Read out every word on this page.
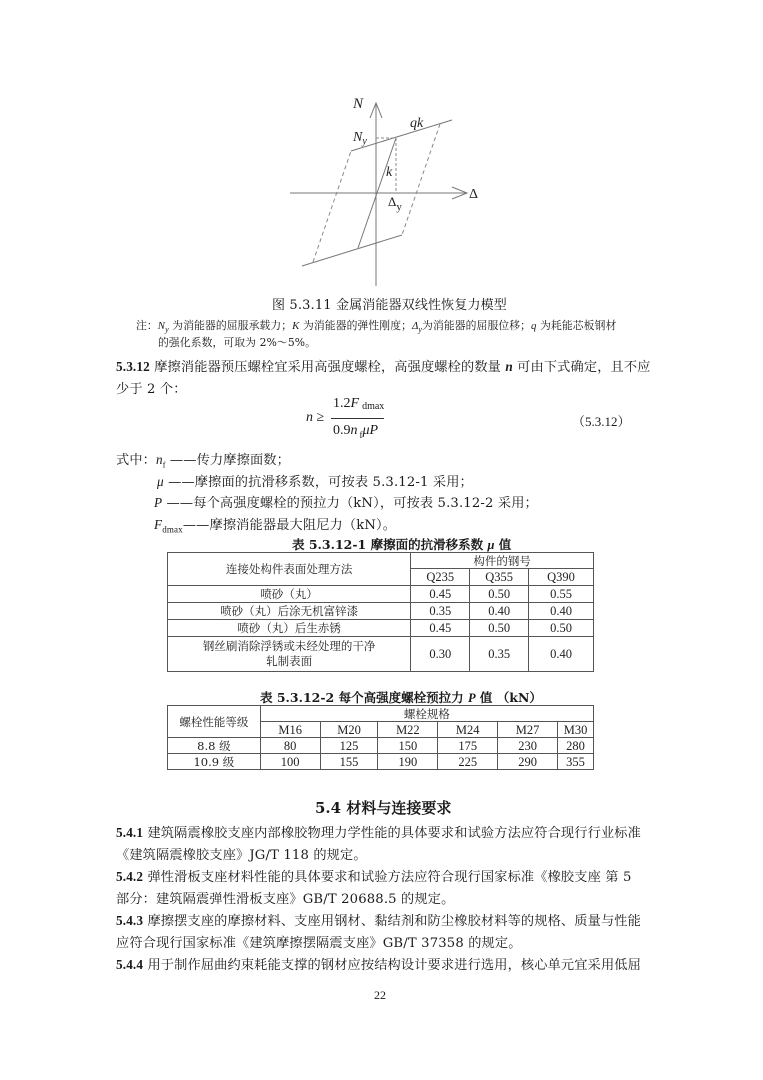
N
Δ
$N_y$
qk
k
$\Delta_y$
图 5.3.11 金属消能器双线性恢复力模型
注：$N_y$ 为消能器的屈服承载力；K 为消能器的弹性刚度；$\Delta_y$为消能器的屈服位移；q 为耗能芯板钢材
的强化系数，可取为 2%～5%。
5.3.12 摩擦消能器预压螺栓宜采用高强度螺栓，高强度螺栓的数量 n 可由下式确定，且不应
少于 2 个：
n ≥
1.2F dmax
0.9n $_f$μP
（5.3.12）
式中：$n_f$ ——传力摩擦面数；
μ ——摩擦面的抗滑移系数，可按表 5.3.12-1 采用；
P ——每个高强度螺栓的预拉力（kN），可按表 5.3.12-2 采用；
$F_{dmax}——$摩擦消能器最大阻尼力（kN）。
表 5.3.12-1 摩擦面的抗滑移系数 μ 值
连接处构件表面处理方法	构件的钢号		
	Q235	Q355	Q390
喷砂（丸）	0.45	0.50	0.55
喷砂（丸）后涂无机富锌漆	0.35	0.40	0.40
喷砂（丸）后生赤锈	0.45	0.50	0.50
钢丝刷消除浮锈或未经处理的干净
轧制表面	0.30	0.35	0.40
表 5.3.12-2 每个高强度螺栓预拉力 P 值 （kN）
螺栓性能等级	螺栓规格					
	M16	M20	M22	M24	M27	M30
8.8 级	80	125	150	175	230	280
10.9 级	100	155	190	225	290	355
5.4 材料与连接要求
5.4.1 建筑隔震橡胶支座内部橡胶物理力学性能的具体要求和试验方法应符合现行行业标准
《建筑隔震橡胶支座》JG/T 118 的规定。
5.4.2 弹性滑板支座材料性能的具体要求和试验方法应符合现行国家标准《橡胶支座 第 5
部分：建筑隔震弹性滑板支座》GB/T 20688.5 的规定。
5.4.3 摩擦摆支座的摩擦材料、支座用钢材、黏结剂和防尘橡胶材料等的规格、质量与性能
应符合现行国家标准《建筑摩擦摆隔震支座》GB/T 37358 的规定。
5.4.4 用于制作屈曲约束耗能支撑的钢材应按结构设计要求进行选用，核心单元宜采用低屈
22
